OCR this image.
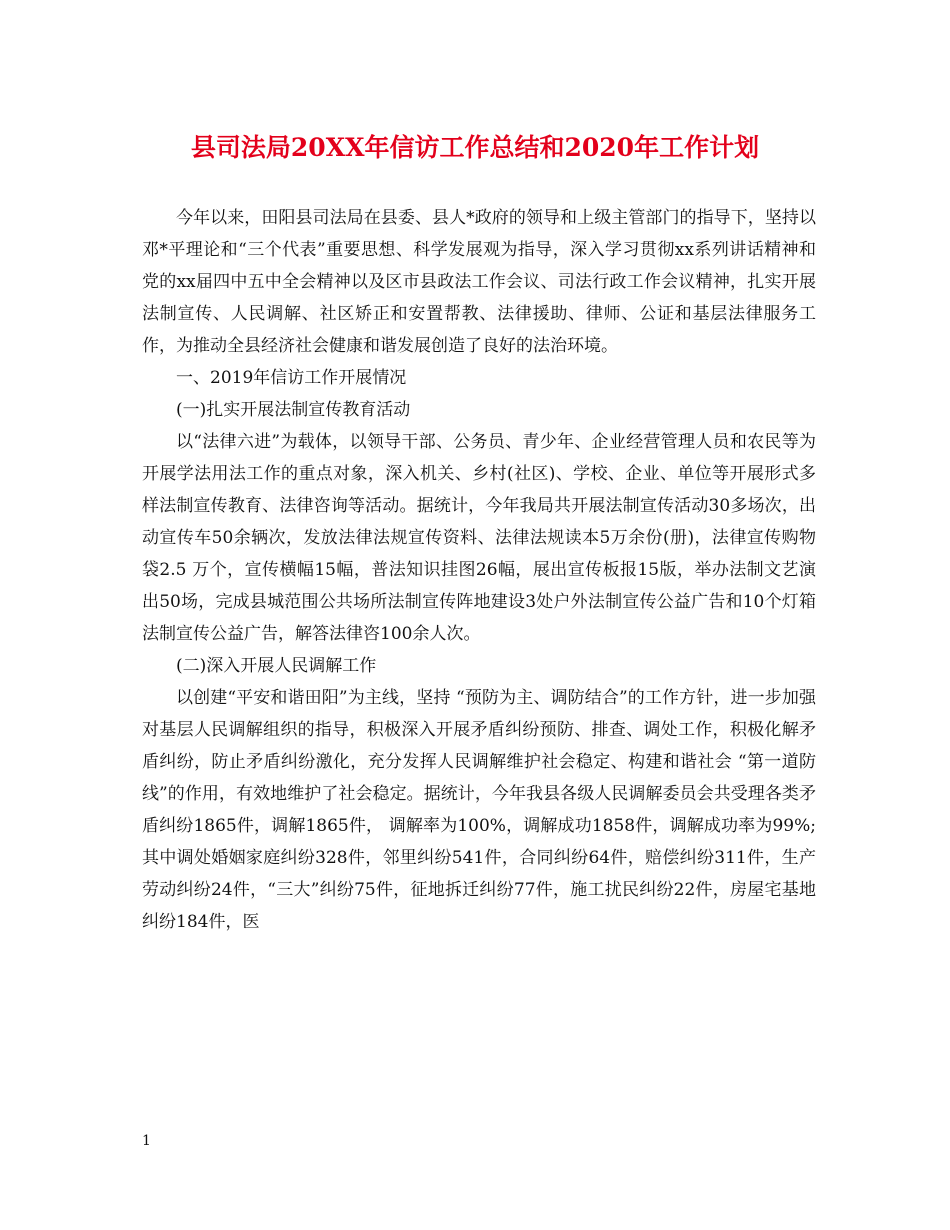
县司法局20XX年信访工作总结和2020年工作计划

今年以来，田阳县司法局在县委、县人*政府的领导和上级主管部门的指导下，坚持以邓*平理论和“三个代表”重要思想、科学发展观为指导，深入学习贯彻xx系列讲话精神和党的xx届四中五中全会精神以及区市县政法工作会议、司法行政工作会议精神，扎实开展法制宣传、人民调解、社区矫正和安置帮教、法律援助、律师、公证和基层法律服务工作，为推动全县经济社会健康和谐发展创造了良好的法治环境。

一、2019年信访工作开展情况

(一)扎实开展法制宣传教育活动

以“法律六进”为载体，以领导干部、公务员、青少年、企业经营管理人员和农民等为开展学法用法工作的重点对象，深入机关、乡村(社区)、学校、企业、单位等开展形式多样法制宣传教育、法律咨询等活动。据统计，今年我局共开展法制宣传活动30多场次，出动宣传车50余辆次，发放法律法规宣传资料、法律法规读本5万余份(册)，法律宣传购物袋2.5 万个，宣传横幅15幅，普法知识挂图26幅，展出宣传板报15版，举办法制文艺演出50场，完成县城范围公共场所法制宣传阵地建设3处户外法制宣传公益广告和10个灯箱法制宣传公益广告，解答法律咨100余人次。

(二)深入开展人民调解工作

以创建“平安和谐田阳”为主线，坚持 “预防为主、调防结合”的工作方针，进一步加强对基层人民调解组织的指导，积极深入开展矛盾纠纷预防、排查、调处工作，积极化解矛盾纠纷，防止矛盾纠纷激化，充分发挥人民调解维护社会稳定、构建和谐社会 “第一道防线”的作用，有效地维护了社会稳定。据统计，今年我县各级人民调解委员会共受理各类矛盾纠纷1865件，调解1865件， 调解率为100%，调解成功1858件，调解成功率为99%;其中调处婚姻家庭纠纷328件，邻里纠纷541件，合同纠纷64件，赔偿纠纷311件，生产劳动纠纷24件，“三大”纠纷75件，征地拆迁纠纷77件，施工扰民纠纷22件，房屋宅基地纠纷184件，医

1
